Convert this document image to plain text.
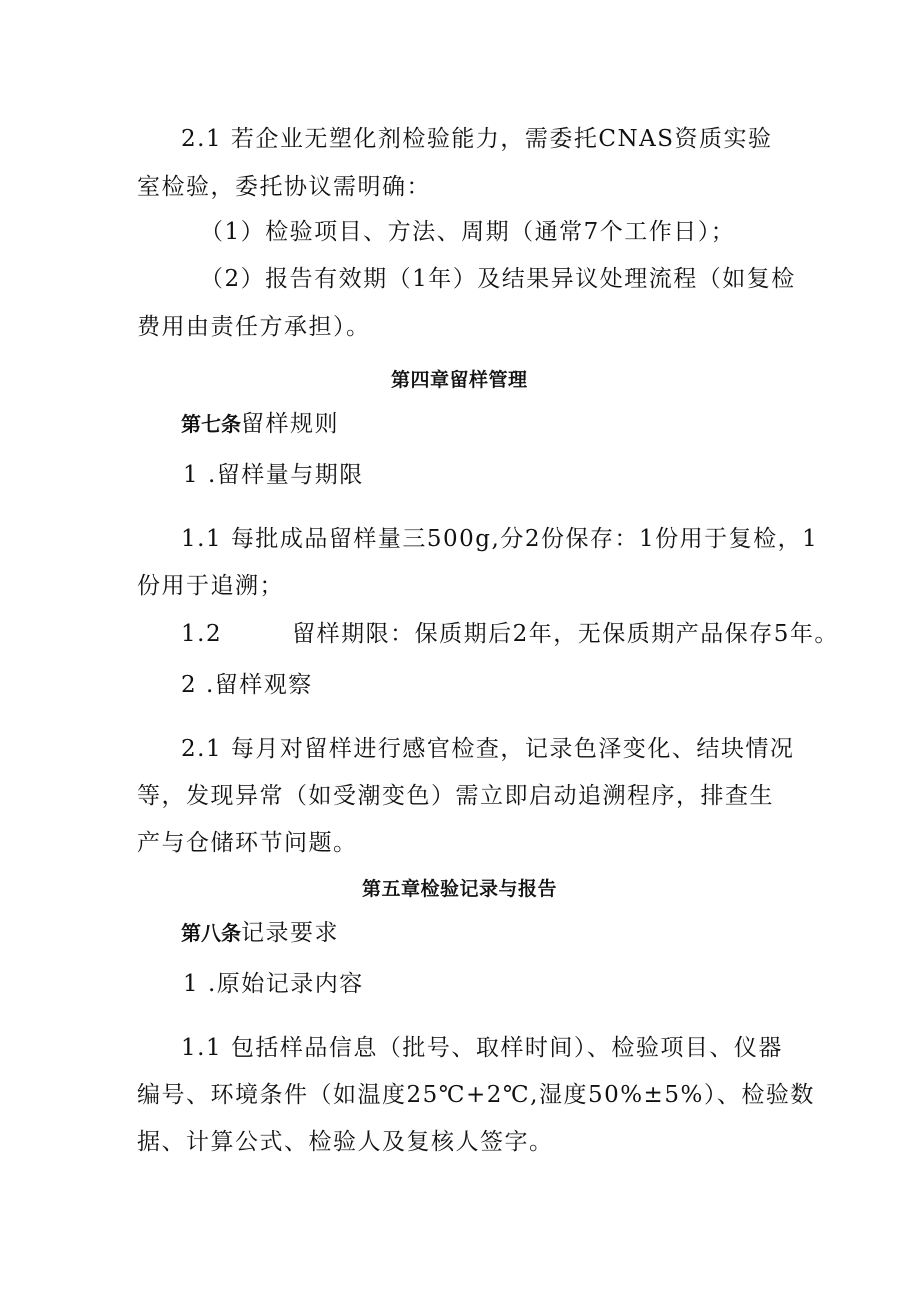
2.1 若企业无塑化剂检验能力，需委托CNAS资质实验
室检验，委托协议需明确：
（1）检验项目、方法、周期（通常7个工作日）；
（2）报告有效期（1年）及结果异议处理流程（如复检
费用由责任方承担）。
第四章留样管理
第七条留样规则
1 .留样量与期限
1.1 每批成品留样量三500g,分2份保存：1份用于复检，1
份用于追溯；
1.2	留样期限：保质期后2年，无保质期产品保存5年。
2 .留样观察
2.1 每月对留样进行感官检查，记录色泽变化、结块情况
等，发现异常（如受潮变色）需立即启动追溯程序，排查生
产与仓储环节问题。
第五章检验记录与报告
第八条记录要求
1 .原始记录内容
1.1 包括样品信息（批号、取样时间）、检验项目、仪器
编号、环境条件（如温度25℃+2℃,湿度50%±5%）、检验数
据、计算公式、检验人及复核人签字。
